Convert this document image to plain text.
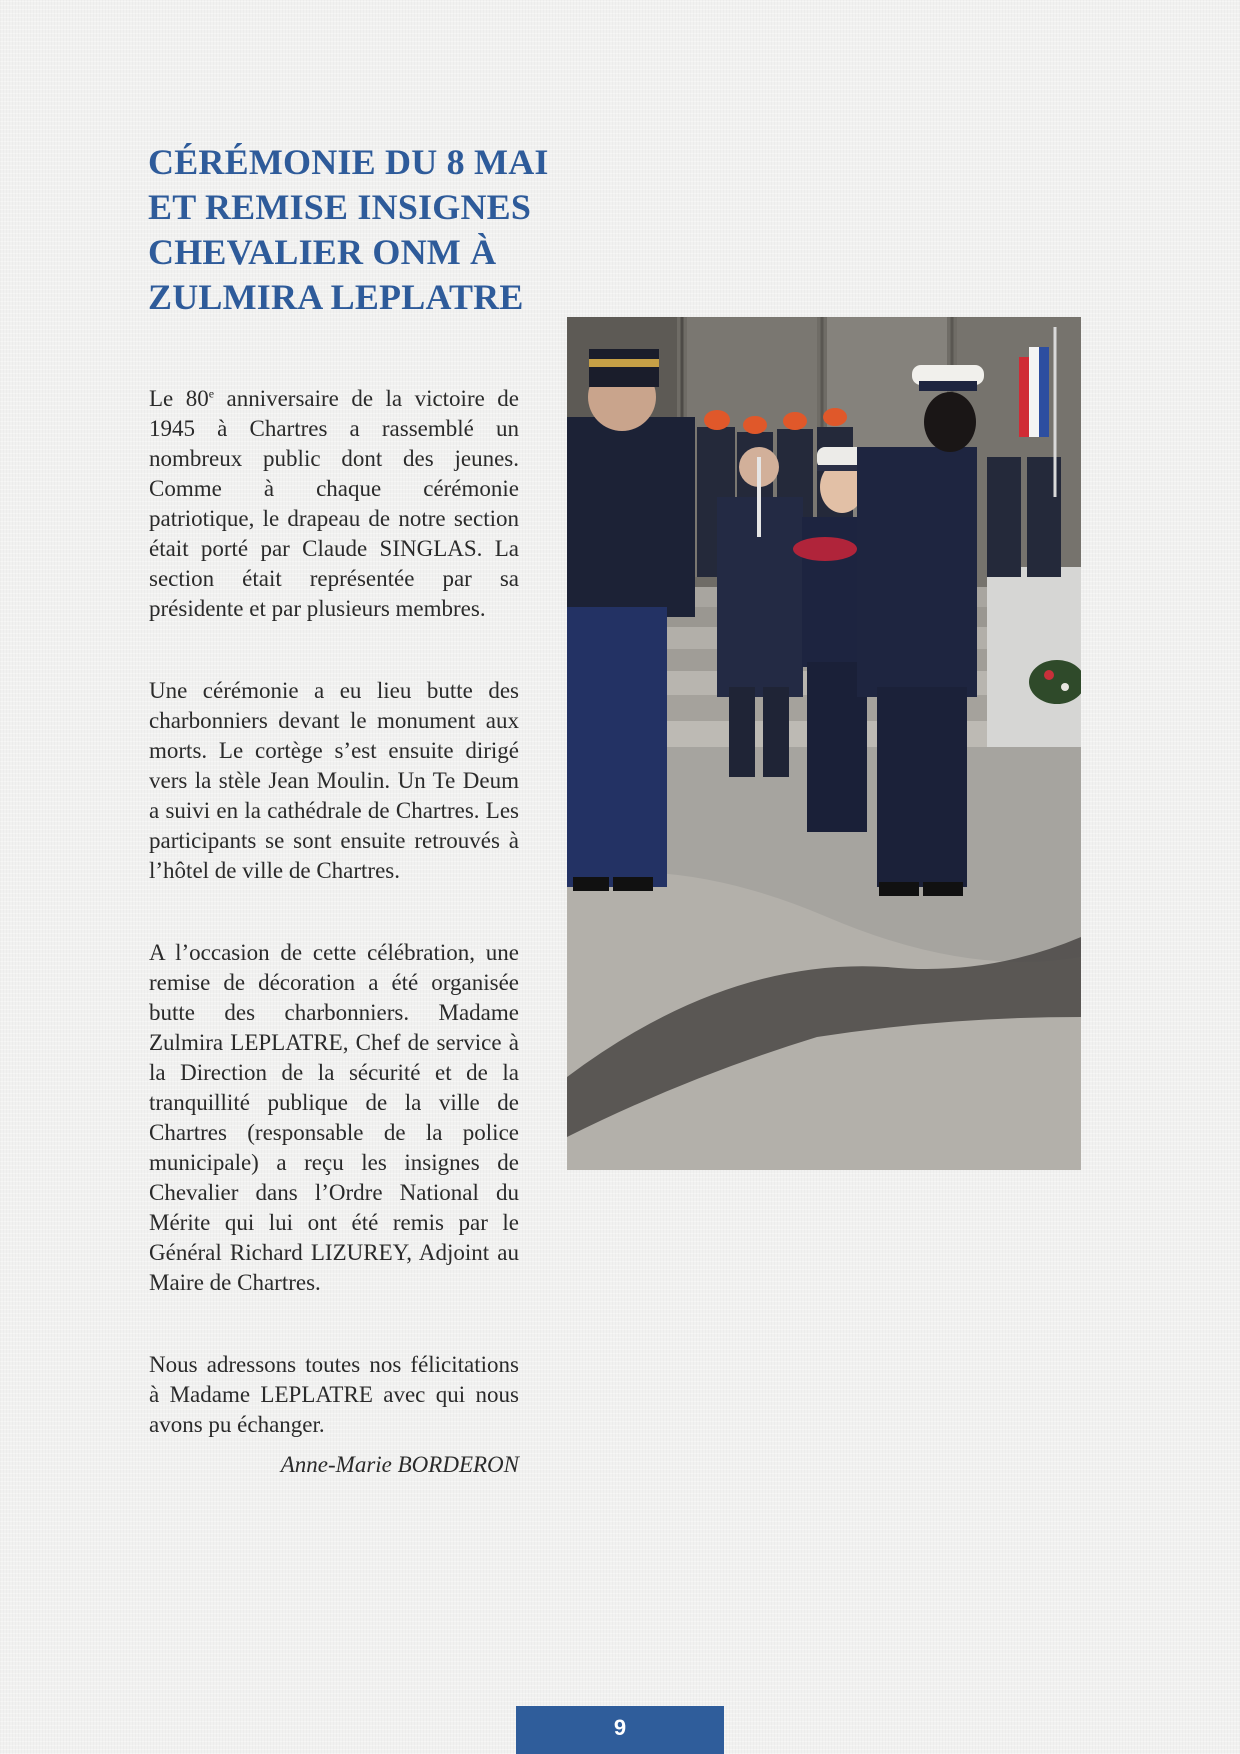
CÉRÉMONIE DU 8 MAI
ET REMISE INSIGNES
CHEVALIER ONM À
ZULMIRA LEPLATRE

Le 80e anniversaire de la victoire de 1945 à Chartres a rassemblé un nombreux public dont des jeunes. Comme à chaque cérémonie patriotique, le drapeau de notre section était porté par Claude SINGLAS. La section était représentée par sa présidente et par plusieurs membres.

Une cérémonie a eu lieu butte des charbonniers devant le monument aux morts. Le cortège s’est ensuite dirigé vers la stèle Jean Moulin. Un Te Deum a suivi en la cathédrale de Chartres. Les participants se sont ensuite retrouvés à l’hôtel de ville de Chartres.

A l’occasion de cette célébration, une remise de décoration a été organisée butte des charbonniers. Madame Zulmira LEPLATRE, Chef de service à la Direction de la sécurité et de la tranquillité publique de la ville de Chartres (responsable de la police municipale) a reçu les insignes de Chevalier dans l’Ordre National du Mérite qui lui ont été remis par le Général Richard LIZUREY, Adjoint au Maire de Chartres.

Nous adressons toutes nos félicitations à Madame LEPLATRE avec qui nous avons pu échanger.

Anne-Marie BORDERON

9
